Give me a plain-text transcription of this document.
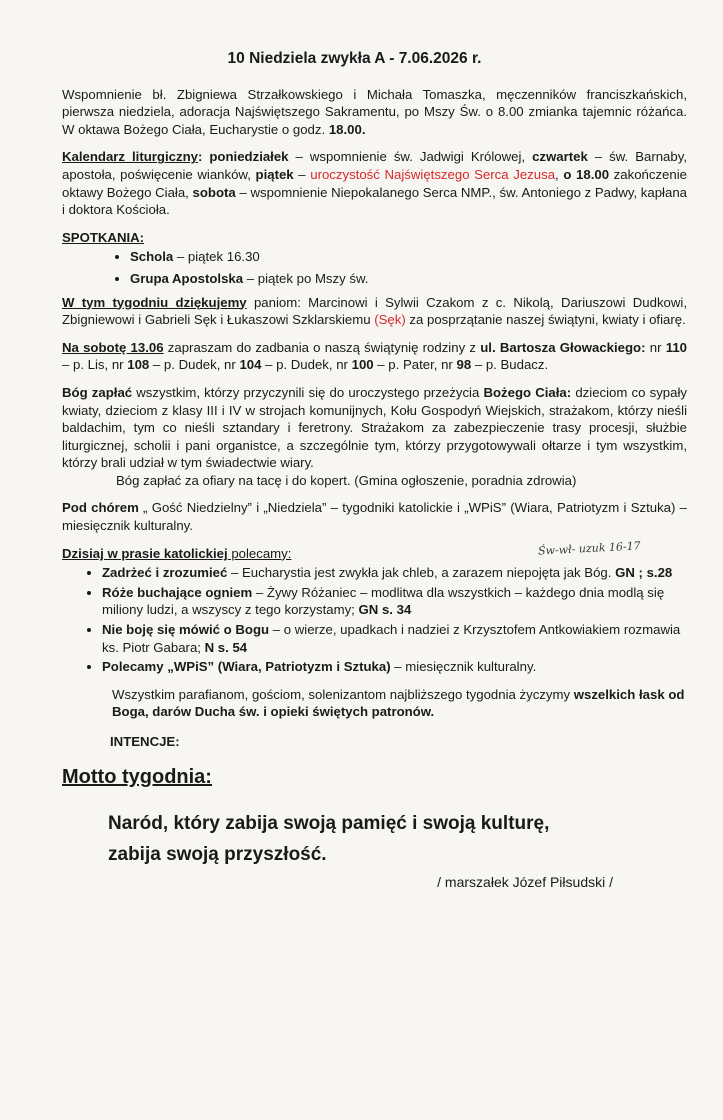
10 Niedziela zwykła A - 7.06.2026 r.

Wspomnienie bł. Zbigniewa Strzałkowskiego i Michała Tomaszka, męczenników franciszkańskich, pierwsza niedziela, adoracja Najświętszego Sakramentu, po Mszy Św. o 8.00 zmianka tajemnic różańca. W oktawa Bożego Ciała, Eucharystie o godz. 18.00.

Kalendarz liturgiczny: poniedziałek – wspomnienie św. Jadwigi Królowej, czwartek – św. Barnaby, apostoła, poświęcenie wianków, piątek – uroczystość Najświętszego Serca Jezusa, o 18.00 zakończenie oktawy Bożego Ciała, sobota – wspomnienie Niepokalanego Serca NMP., św. Antoniego z Padwy, kapłana i doktora Kościoła.

SPOTKANIA:

• Schola – piątek 16.30
• Grupa Apostolska – piątek po Mszy św.

W tym tygodniu dziękujemy paniom: Marcinowi i Sylwii Czakom z c. Nikolą, Dariuszowi Dudkowi, Zbigniewowi i Gabrieli Sęk i Łukaszowi Szklarskiemu (Sęk) za posprzątanie naszej świątyni, kwiaty i ofiarę.

Na sobotę 13.06 zapraszam do zadbania o naszą świątynię rodziny z ul. Bartosza Głowackiego: nr 110 – p. Lis, nr 108 – p. Dudek, nr 104 – p. Dudek, nr 100 – p. Pater, nr 98 – p. Budacz.

Bóg zapłać wszystkim, którzy przyczynili się do uroczystego przeżycia Bożego Ciała: dzieciom co sypały kwiaty, dzieciom z klasy III i IV w strojach komunijnych, Kołu Gospodyń Wiejskich, strażakom, którzy nieśli baldachim, tym co nieśli sztandary i feretrony. Strażakom za zabezpieczenie trasy procesji, służbie liturgicznej, scholii i pani organistce, a szczególnie tym, którzy przygotowywali ołtarze i tym wszystkim, którzy brali udział w tym świadectwie wiary.

Bóg zapłać za ofiary na tacę i do kopert. (Gmina ogłoszenie, poradnia zdrowia)

Pod chórem „ Gość Niedzielny” i „Niedziela” – tygodniki katolickie i „WPiS” (Wiara, Patriotyzm i Sztuka) – miesięcznik kulturalny.

Dzisiaj w prasie katolickiej polecamy:

• Zadrżeć i zrozumieć – Eucharystia jest zwykła jak chleb, a zarazem niepojęta jak Bóg. GN ; s.28
• Róże buchające ogniem – Żywy Różaniec – modlitwa dla wszystkich – każdego dnia modlą się miliony ludzi, a wszyscy z tego korzystamy; GN s. 34
• Nie boję się mówić o Bogu – o wierze, upadkach i nadziei z Krzysztofem Antkowiakiem rozmawia ks. Piotr Gabara; N s. 54
• Polecamy „WPiS” (Wiara, Patriotyzm i Sztuka) – miesięcznik kulturalny.

Wszystkim parafianom, gościom, solenizantom najbliższego tygodnia życzymy wszelkich łask od Boga, darów Ducha św. i opieki świętych patronów.

INTENCJE:

Motto tygodnia:
Naród, który zabija swoją pamięć i swoją kulturę,
zabija swoją przyszłość.
/ marszałek Józef Piłsudski /
Św-wł- uzuk 16-17
